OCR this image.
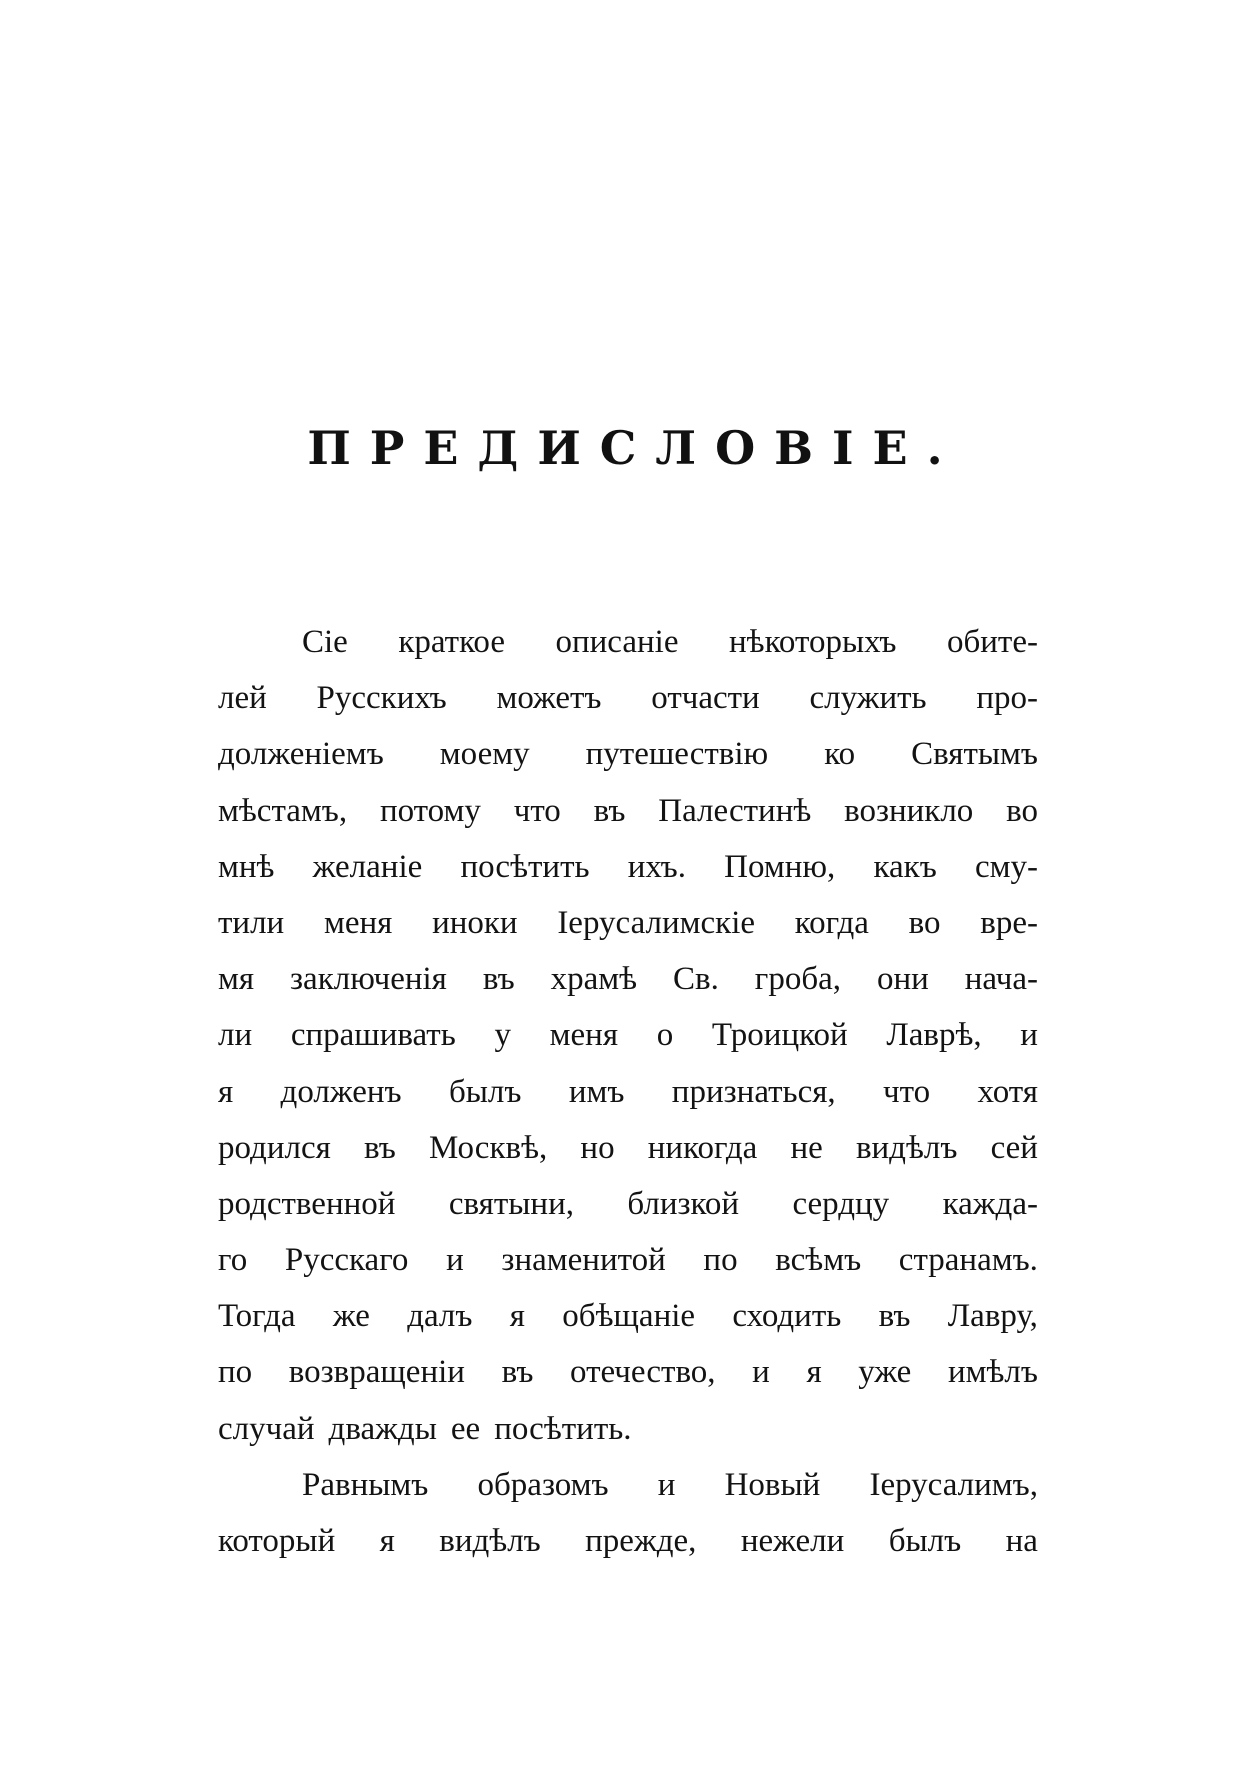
ПРЕДИСЛОВІЕ.
Сіе краткое описаніе нѣкоторыхъ обите-
лей Русскихъ можетъ отчасти служить про-
долженіемъ моему путешествію ко Святымъ
мѣстамъ, потому что въ Палестинѣ возникло во
мнѣ желаніе посѣтить ихъ. Помню, какъ сму-
тили меня иноки Іерусалимскіе когда во вре-
мя заключенія въ храмѣ Св. гроба, они нача-
ли спрашивать у меня о Троицкой Лаврѣ, и
я долженъ былъ имъ признаться, что хотя
родился въ Москвѣ, но никогда не видѣлъ сей
родственной святыни, близкой сердцу кажда-
го Русскаго и знаменитой по всѣмъ странамъ.
Тогда же далъ я обѣщаніе сходить въ Лавру,
по возвращеніи въ отечество, и я уже имѣлъ
случай дважды ее посѣтить.
Равнымъ образомъ и Новый Іерусалимъ,
который я видѣлъ прежде, нежели былъ на
